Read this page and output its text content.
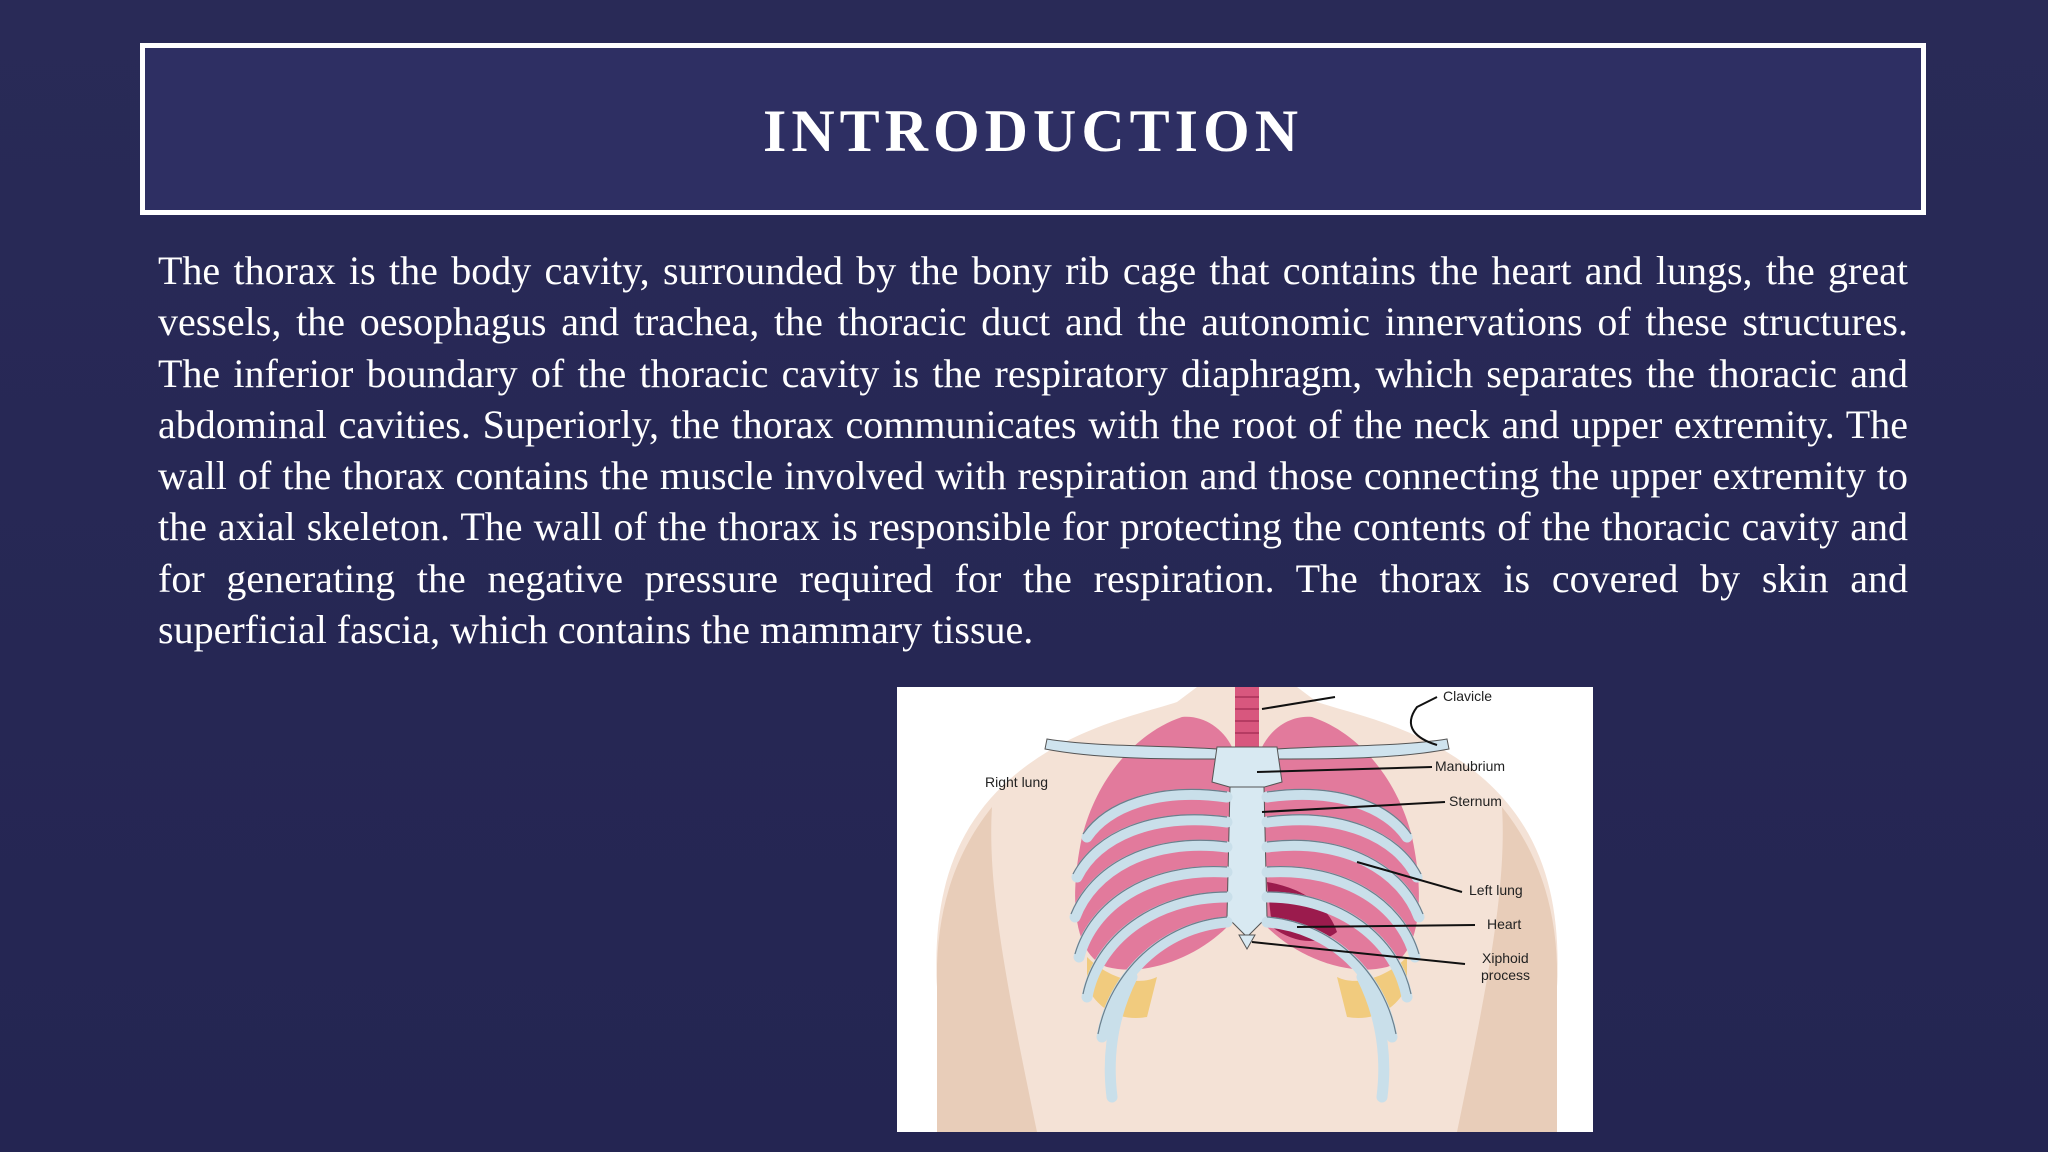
INTRODUCTION

The thorax is the body cavity, surrounded by the bony rib cage that contains the heart and lungs, the great vessels, the oesophagus and trachea, the thoracic duct and the autonomic innervations of these structures. The inferior boundary of the thoracic cavity is the respiratory diaphragm, which separates the thoracic and abdominal cavities. Superiorly, the thorax communicates with the root of the neck and upper extremity. The wall of the thorax contains the muscle involved with respiration and those connecting the upper extremity to the axial skeleton. The wall of the thorax is responsible for protecting the contents of the thoracic cavity and for generating the negative pressure required for the respiration. The thorax is covered by skin and superficial fascia, which contains the mammary tissue.

Clavicle
Manubrium
Sternum
Right lung
Left lung
Heart
Xiphoid
process
